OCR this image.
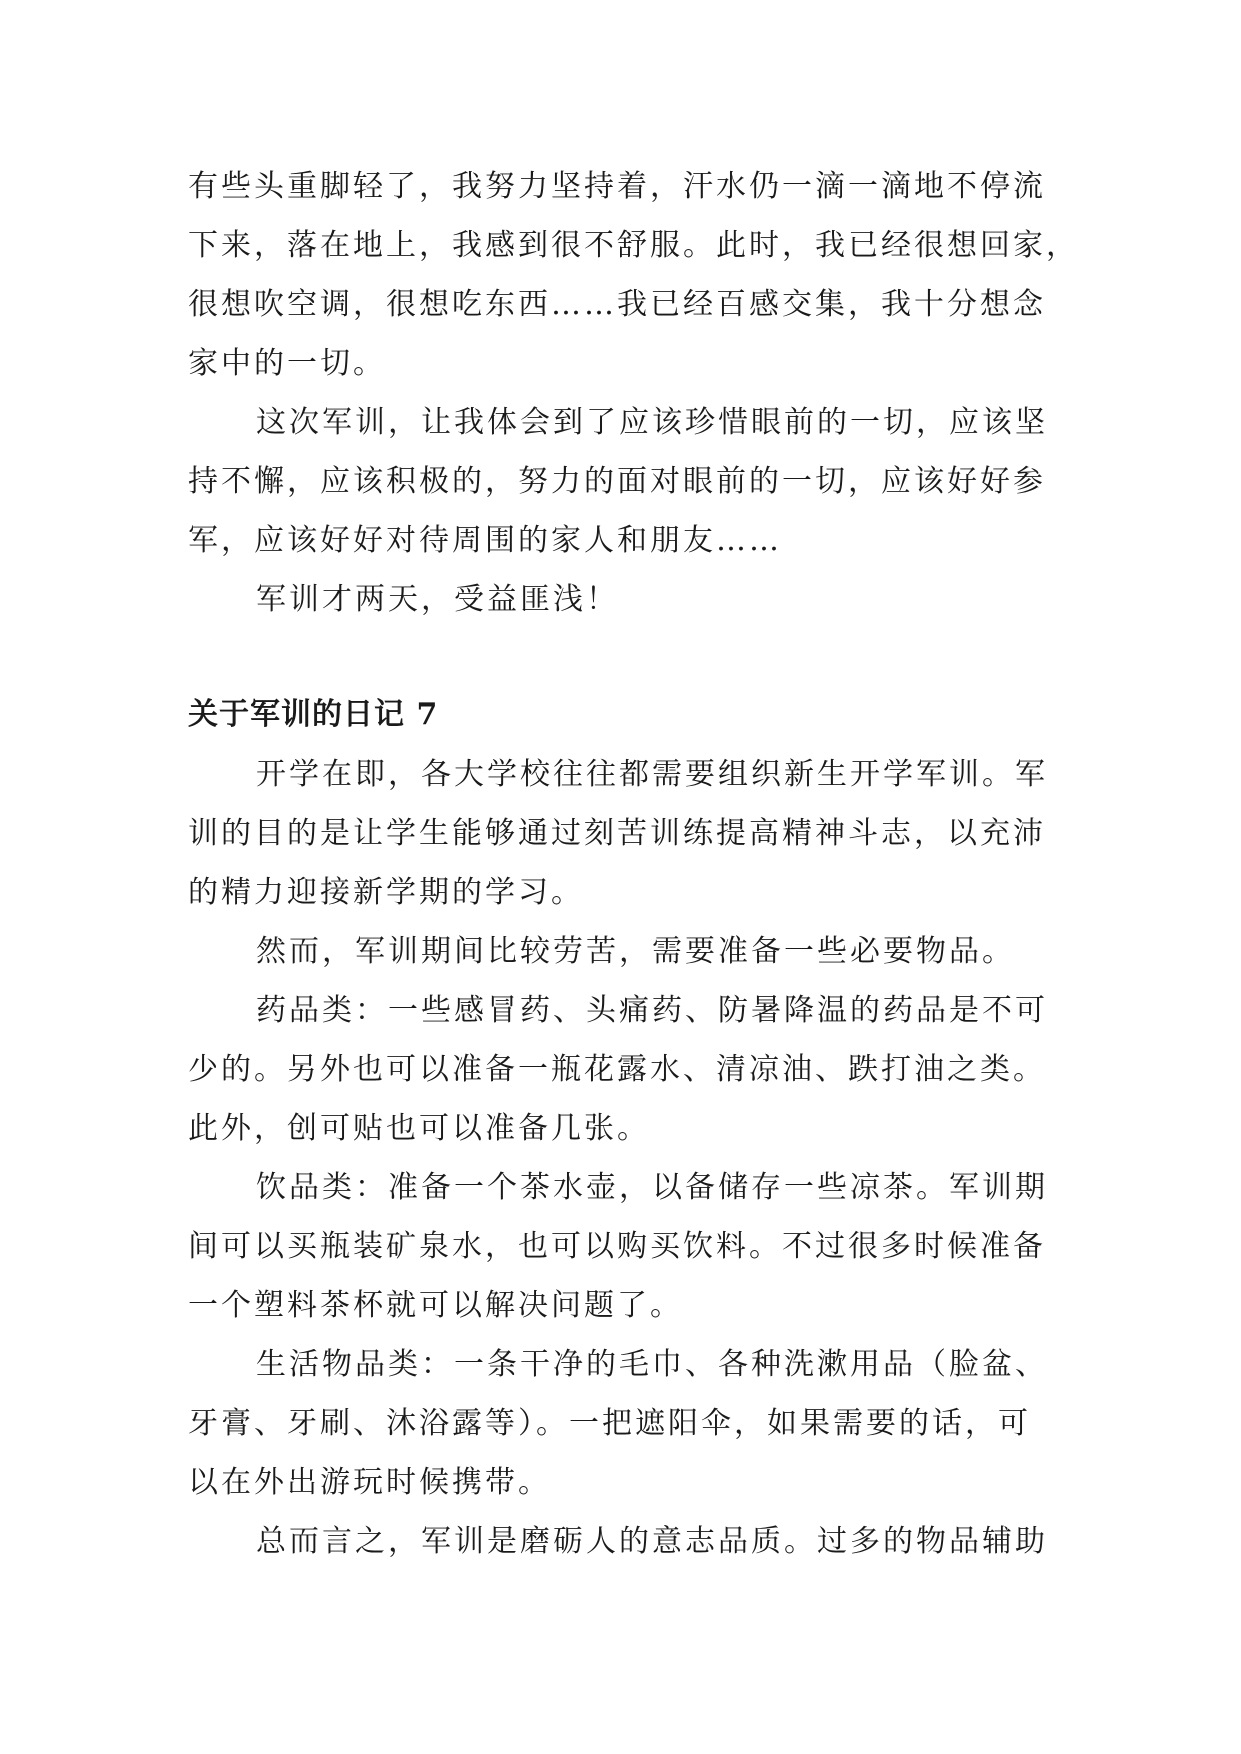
有些头重脚轻了，我努力坚持着，汗水仍一滴一滴地不停流

下来，落在地上，我感到很不舒服。此时，我已经很想回家，

很想吹空调，很想吃东西……我已经百感交集，我十分想念

家中的一切。

这次军训，让我体会到了应该珍惜眼前的一切，应该坚

持不懈，应该积极的，努力的面对眼前的一切，应该好好参

军，应该好好对待周围的家人和朋友……

军训才两天，受益匪浅！

关于军训的日记 7

开学在即，各大学校往往都需要组织新生开学军训。军

训的目的是让学生能够通过刻苦训练提高精神斗志，以充沛

的精力迎接新学期的学习。

然而，军训期间比较劳苦，需要准备一些必要物品。

药品类：一些感冒药、头痛药、防暑降温的药品是不可

少的。另外也可以准备一瓶花露水、清凉油、跌打油之类。

此外，创可贴也可以准备几张。

饮品类：准备一个茶水壶，以备储存一些凉茶。军训期

间可以买瓶装矿泉水，也可以购买饮料。不过很多时候准备

一个塑料茶杯就可以解决问题了。

生活物品类：一条干净的毛巾、各种洗漱用品（脸盆、

牙膏、牙刷、沐浴露等）。一把遮阳伞，如果需要的话，可

以在外出游玩时候携带。

总而言之，军训是磨砺人的意志品质。过多的物品辅助
